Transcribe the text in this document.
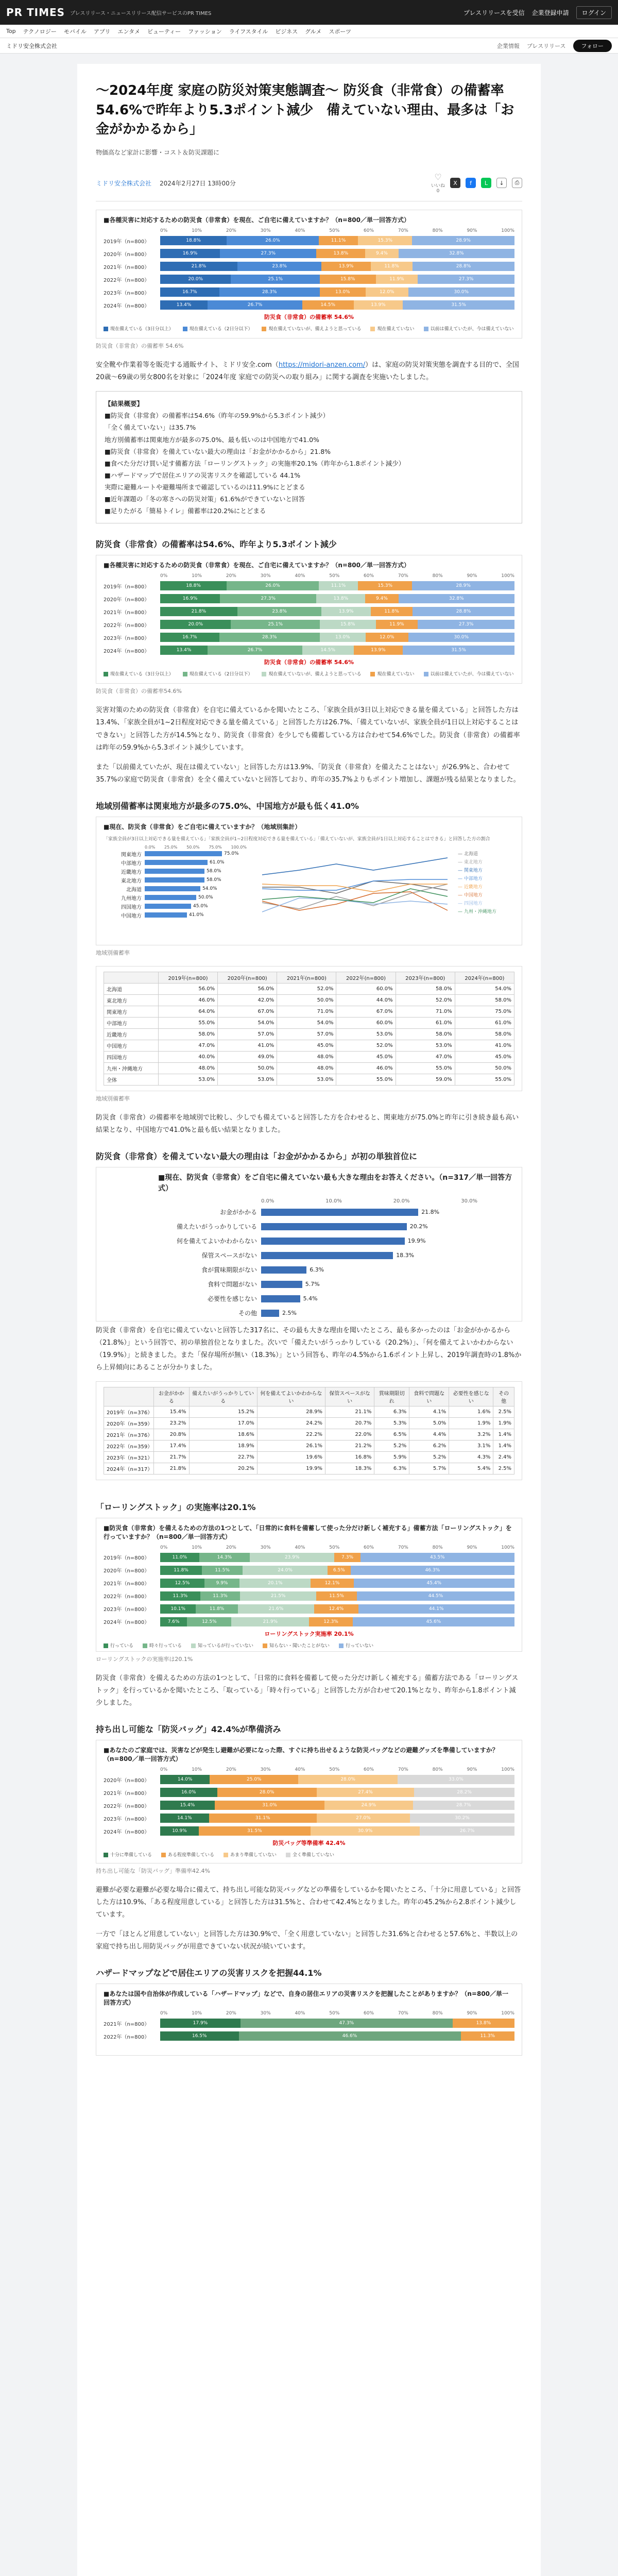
PR TIMES プレスリリース・ニュースリリース配信サービスのPR TIMES	プレスリリースを受信 企業登録申請	ログイン
Top テクノロジー モバイル アプリ エンタメ ビューティー ファッション ライフスタイル ビジネス グルメ スポーツ
ミドリ安全株式会社	企業情報 プレスリリース	フォロー
～2024年度 家庭の防災対策実態調査～ 防災食（非常食）の備蓄率54.6%で昨年より5.3ポイント減少　備えていない理由、最多は「お金がかかるから」
物価高など家計に影響・コスト＆防災課題に
ミドリ安全株式会社 2024年2月27日 13時00分
♡
いいね
0
X	f	L	↓	⎙
■各種災害に対応するための防災食（非常食）を現在、ご自宅に備えていますか？（n=800／単一回答方式）
0%	10%	20%	30%	40%	50%	60%	70%	80%	90%	100%
2019年（n=800）	18.8%	26.0%	11.1%	15.3%	28.9%
2020年（n=800）	16.9%	27.3%	13.8%	9.4%	32.8%
2021年（n=800）	21.8%	23.8%	13.9%	11.8%	28.8%
2022年（n=800）	20.0%	25.1%	15.8%	11.9%	27.3%
2023年（n=800）	16.7%	28.3%	13.0%	12.0%	30.0%
2024年（n=800）	13.4%	26.7%	14.5%	13.9%	31.5%
防災食（非常食）の備蓄率 54.6%
現在備えている（3日分以上）	現在備えている（2日分以下）	現在備えていないが、備えようと思っている	現在備えていない	以前は備えていたが、今は備えていない
防災食（非常食）の備蓄率 54.6%

安全靴や作業着等を販売する通販サイト、ミドリ安全.com（https://midori-anzen.com/）は、家庭の防災対策実態を調査する目的で、全国20歳～69歳の男女800名を対象に「2024年度 家庭での防災への取り組み」に関する調査を実施いたしました。

【結果概要】
■防災食（非常食）の備蓄率は54.6%（昨年の59.9%から5.3ポイント減少）
「全く備えていない」は35.7%
地方別備蓄率は関東地方が最多の75.0%、最も低いのは中国地方で41.0%
■防災食（非常食）を備えていない最大の理由は「お金がかかるから」21.8%
■食べた分だけ買い足す備蓄方法「ローリングストック」の実施率20.1%（昨年から1.8ポイント減少）
■ハザードマップで居住エリアの災害リスクを確認している 44.1%
実際に避難ルートや避難場所まで確認しているのは11.9%にとどまる
■近年課題の「冬の寒さへの防災対策」61.6%ができていないと回答
■足りたがる「簡易トイレ」備蓄率は20.2%にとどまる
防災食（非常食）の備蓄率は54.6%、昨年より5.3ポイント減少
■各種災害に対応するための防災食（非常食）を現在、ご自宅に備えていますか？（n=800／単一回答方式）
0%	10%	20%	30%	40%	50%	60%	70%	80%	90%	100%
2019年（n=800）	18.8%	26.0%	11.1%	15.3%	28.9%
2020年（n=800）	16.9%	27.3%	13.8%	9.4%	32.8%
2021年（n=800）	21.8%	23.8%	13.9%	11.8%	28.8%
2022年（n=800）	20.0%	25.1%	15.8%	11.9%	27.3%
2023年（n=800）	16.7%	28.3%	13.0%	12.0%	30.0%
2024年（n=800）	13.4%	26.7%	14.5%	13.9%	31.5%
防災食（非常食）の備蓄率 54.6%
現在備えている（3日分以上）	現在備えている（2日分以下）	現在備えていないが、備えようと思っている	現在備えていない	以前は備えていたが、今は備えていない
防災食（非常食）の備蓄率54.6%

災害対策のための防災食（非常食）を自宅に備えているかを聞いたところ、「家族全員が3日以上対応できる量を備えている」と回答した方は13.4%、「家族全員が1~2日程度対応できる量を備えている」と回答した方は26.7%、「備えていないが、家族全員が1日以上対応することはできない」と回答した方が14.5%となり、防災食（非常食）を少しでも備蓄している方は合わせて54.6%でした。防災食（非常食）の備蓄率は昨年の59.9%から5.3ポイント減少しています。

また「以前備えていたが、現在は備えていない」と回答した方は13.9%、「防災食（非常食）を備えたことはない」が26.9%と、合わせて35.7%の家庭で防災食（非常食）を全く備えていないと回答しており、昨年の35.7%よりもポイント増加し、課題が残る結果となりました。

地域別備蓄率は関東地方が最多の75.0%、中国地方が最も低く41.0%
■現在、防災食（非常食）をご自宅に備えていますか？（地域別集計）
「家族全員が3日以上対応できる量を備えている」「家族全員が1~2日程度対応できる量を備えている」「備えていないが、家族全員が1日以上対応することはできる」と回答した方の割合
0.0% 25.0% 50.0% 75.0% 100.0%
関東地方	75.0%
中部地方	61.0%
近畿地方	58.0%
東北地方	58.0%
北海道	54.0%
九州地方	50.0%
四国地方	45.0%
中国地方	41.0%
— 北海道
— 東北地方
— 関東地方
— 中部地方
— 近畿地方
— 中国地方
— 四国地方
— 九州・沖縄地方
地域別備蓄率
	2019年(n=800)	2020年(n=800)	2021年(n=800)	2022年(n=800)	2023年(n=800)	2024年(n=800)
北海道	56.0%	56.0%	52.0%	60.0%	58.0%	54.0%
東北地方	46.0%	42.0%	50.0%	44.0%	52.0%	58.0%
関東地方	64.0%	67.0%	71.0%	67.0%	71.0%	75.0%
中部地方	55.0%	54.0%	54.0%	60.0%	61.0%	61.0%
近畿地方	58.0%	57.0%	57.0%	53.0%	58.0%	58.0%
中国地方	47.0%	41.0%	45.0%	52.0%	53.0%	41.0%
四国地方	40.0%	49.0%	48.0%	45.0%	47.0%	45.0%
九州・沖縄地方	48.0%	50.0%	48.0%	46.0%	55.0%	50.0%
全体	53.0%	53.0%	53.0%	55.0%	59.0%	55.0%
地域別備蓄率

防災食（非常食）の備蓄率を地域別で比較し、少しでも備えていると回答した方を合わせると、関東地方が75.0%と昨年に引き続き最も高い結果となり、中国地方で41.0%と最も低い結果となりました。

防災食（非常食）を備えていない最大の理由は「お金がかかるから」が初の単独首位に
■現在、防災食（非常食）をご自宅に備えていない最も大きな理由をお答えください。（n=317／単一回答方式）
0.0%	10.0%	20.0%	30.0%
お金がかかる	21.8%
備えたいがうっかりしている	20.2%
何を備えてよいかわからない	19.9%
保管スペースがない	18.3%
食が賞味期限がない	6.3%
食料で問題がない	5.7%
必要性を感じない	5.4%
その他	2.5%

防災食（非常食）を自宅に備えていないと回答した317名に、その最も大きな理由を聞いたところ、最も多かったのは「お金がかかるから（21.8%）」という回答で、初の単独首位となりました。次いで「備えたいがうっかりしている（20.2%）」、「何を備えてよいかわからない（19.9%）」と続きました。また「保存場所が無い（18.3%）」という回答も、昨年の4.5%から1.6ポイント上昇し、2019年調査時の1.8%から上昇傾向にあることが分かりました。

	お金がかかる	備えたいがうっかりしている	何を備えてよいかわからない	保管スペースがない	賞味期限切れ	食料で問題ない	必要性を感じない	その他
2019年（n=376）	15.4%	15.2%	28.9%	21.1%	6.3%	4.1%	1.6%	2.5%
2020年（n=359）	23.2%	17.0%	24.2%	20.7%	5.3%	5.0%	1.9%	1.9%
2021年（n=376）	20.8%	18.6%	22.2%	22.0%	6.5%	4.4%	3.2%	1.4%
2022年（n=359）	17.4%	18.9%	26.1%	21.2%	5.2%	6.2%	3.1%	1.4%
2023年（n=321）	21.7%	22.7%	19.6%	16.8%	5.9%	5.2%	4.3%	2.4%
2024年（n=317）	21.8%	20.2%	19.9%	18.3%	6.3%	5.7%	5.4%	2.5%
「ローリングストック」の実施率は20.1%
■防災食（非常食）を備えるための方法の1つとして、「日常的に食料を備蓄して使った分だけ新しく補充する」備蓄方法「ローリングストック」を行っていますか？（n=800／単一回答方式）
0%	10%	20%	30%	40%	50%	60%	70%	80%	90%	100%
2019年（n=800）	11.0%	14.3%	23.9%	7.3%	43.5%
2020年（n=800）	11.8%	11.5%	24.0%	6.5%	46.3%
2021年（n=800）	12.5%	9.9%	20.1%	12.1%	45.4%
2022年（n=800）	11.3%	11.3%	21.5%	11.5%	44.5%
2023年（n=800）	10.1%	11.8%	21.6%	12.4%	44.1%
2024年（n=800）	7.6%	12.5%	21.9%	12.3%	45.6%
ローリングストック実施率 20.1%
行っている	時々行っている	知っているが行っていない	知らない・聞いたことがない	行っていない
ローリングストックの実施率は20.1%

防災食（非常食）を備えるための方法の1つとして、「日常的に食料を備蓄して使った分だけ新しく補充する」備蓄方法である「ローリングストック」を行っているかを聞いたところ、「取っている」「時々行っている」と回答した方が合わせて20.1%となり、昨年から1.8ポイント減少しました。

持ち出し可能な「防災バッグ」42.4%が準備済み
■あなたのご家庭では、災害などが発生し避難が必要になった際、すぐに持ち出せるような防災バッグなどの避難グッズを準備していますか？（n=800／単一回答方式）
0%	10%	20%	30%	40%	50%	60%	70%	80%	90%	100%
2020年（n=800）	14.0%	25.0%	28.0%	33.0%
2021年（n=800）	16.0%	28.0%	27.4%	28.2%
2022年（n=800）	15.4%	31.0%	24.9%	28.7%
2023年（n=800）	14.1%	31.1%	27.0%	30.2%
2024年（n=800）	10.9%	31.5%	30.9%	26.7%
防災バッグ等準備率 42.4%
十分に準備している	ある程度準備している	あまり準備していない	全く準備していない
持ち出し可能な「防災バッグ」準備率42.4%

避難が必要な避難が必要な場合に備えて、持ち出し可能な防災バッグなどの準備をしているかを聞いたところ、「十分に用意している」と回答した方は10.9%、「ある程度用意している」と回答した方は31.5%と、合わせて42.4%となりました。昨年の45.2%から2.8ポイント減少しています。

一方で「ほとんど用意していない」と回答した方は30.9%で、「全く用意していない」と回答した31.6%と合わせると57.6%と、半数以上の家庭で持ち出し用防災バッグが用意できていない状況が続いています。

ハザードマップなどで居住エリアの災害リスクを把握44.1%
■あなたは国や自治体が作成している「ハザードマップ」などで、自身の居住エリアの災害リスクを把握したことがありますか？（n=800／単一回答方式）
0%	10%	20%	30%	40%	50%	60%	70%	80%	90%	100%
2021年（n=800）	17.9%	47.3%	13.8%
2022年（n=800）	16.5%	46.6%	11.3%
